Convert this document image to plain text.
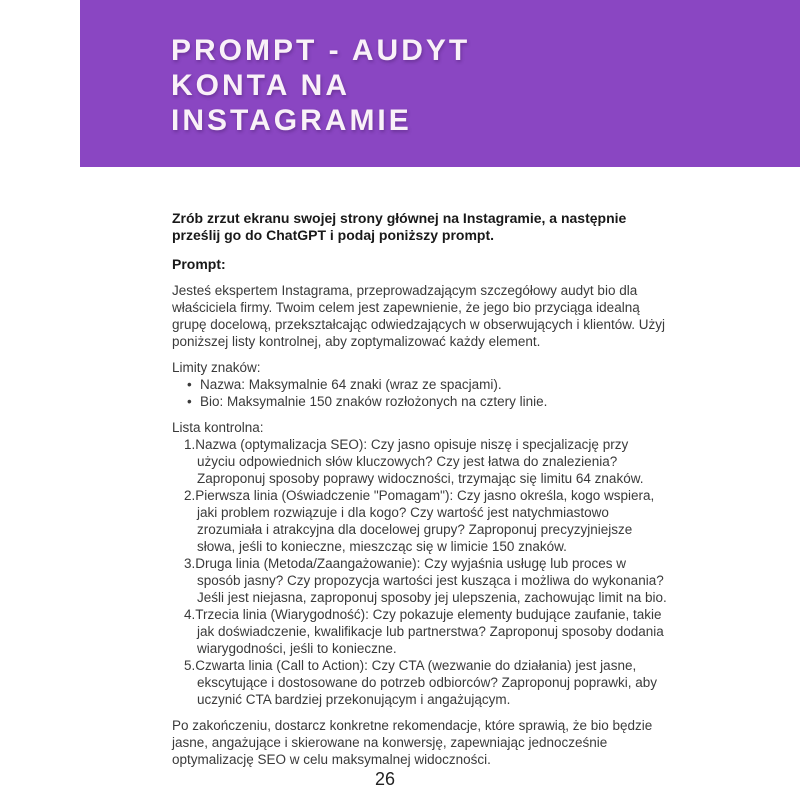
PROMPT - AUDYT
KONTA NA
INSTAGRAMIE

Zrób zrzut ekranu swojej strony głównej na Instagramie, a następnie prześlij go do ChatGPT i podaj poniższy prompt.

Prompt:

Jesteś ekspertem Instagrama, przeprowadzającym szczegółowy audyt bio dla właściciela firmy. Twoim celem jest zapewnienie, że jego bio przyciąga idealną grupę docelową, przekształcając odwiedzających w obserwujących i klientów. Użyj poniższej listy kontrolnej, aby zoptymalizować każdy element.

Limity znaków:

• Nazwa: Maksymalnie 64 znaki (wraz ze spacjami).
• Bio: Maksymalnie 150 znaków rozłożonych na cztery linie.

Lista kontrolna:

Nazwa (optymalizacja SEO): Czy jasno opisuje niszę i specjalizację przy użyciu odpowiednich słów kluczowych? Czy jest łatwa do znalezienia? Zaproponuj sposoby poprawy widoczności, trzymając się limitu 64 znaków.
Pierwsza linia (Oświadczenie "Pomagam"): Czy jasno określa, kogo wspiera, jaki problem rozwiązuje i dla kogo? Czy wartość jest natychmiastowo zrozumiała i atrakcyjna dla docelowej grupy? Zaproponuj precyzyjniejsze słowa, jeśli to konieczne, mieszcząc się w limicie 150 znaków.
Druga linia (Metoda/Zaangażowanie): Czy wyjaśnia usługę lub proces w sposób jasny? Czy propozycja wartości jest kusząca i możliwa do wykonania? Jeśli jest niejasna, zaproponuj sposoby jej ulepszenia, zachowując limit na bio.
Trzecia linia (Wiarygodność): Czy pokazuje elementy budujące zaufanie, takie jak doświadczenie, kwalifikacje lub partnerstwa? Zaproponuj sposoby dodania wiarygodności, jeśli to konieczne.
Czwarta linia (Call to Action): Czy CTA (wezwanie do działania) jest jasne, ekscytujące i dostosowane do potrzeb odbiorców? Zaproponuj poprawki, aby uczynić CTA bardziej przekonującym i angażującym.

Po zakończeniu, dostarcz konkretne rekomendacje, które sprawią, że bio będzie jasne, angażujące i skierowane na konwersję, zapewniając jednocześnie optymalizację SEO w celu maksymalnej widoczności.

26
